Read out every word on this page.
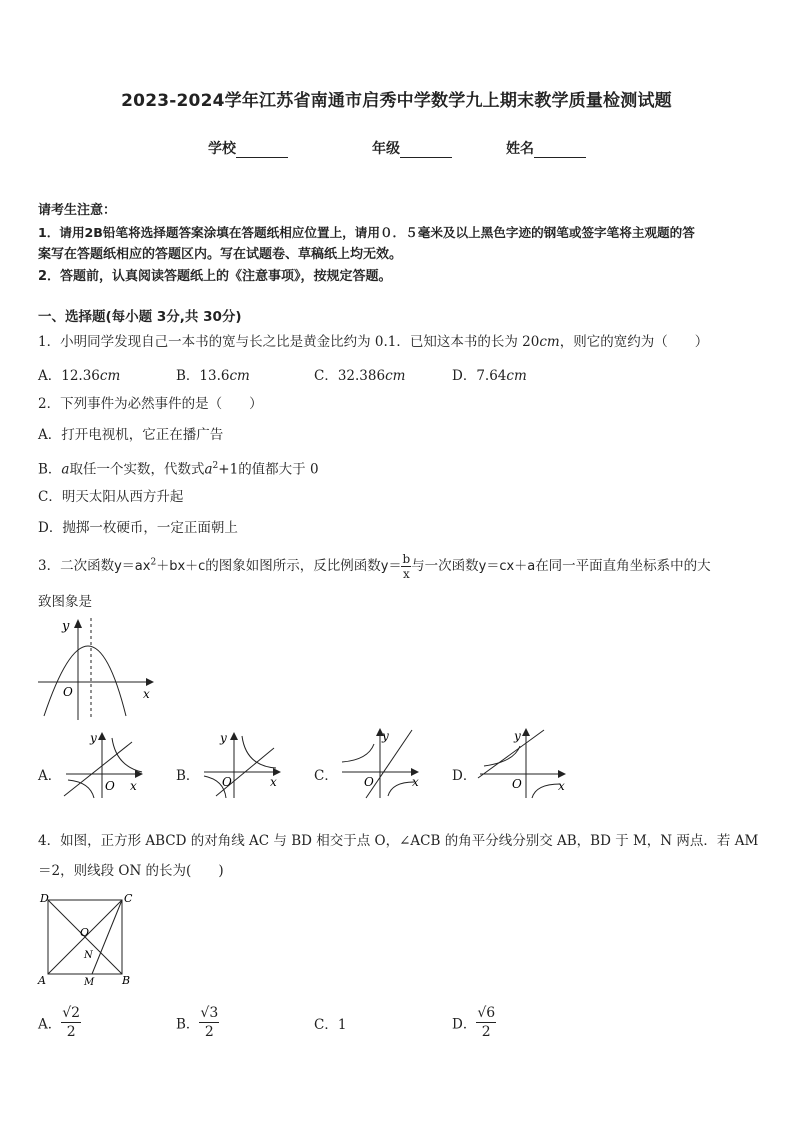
2023-2024学年江苏省南通市启秀中学数学九上期末教学质量检测试题
学校	年级	姓名
请考生注意：
1．请用2B铅笔将选择题答案涂填在答题纸相应位置上，请用０．５毫米及以上黑色字迹的钢笔或签字笔将主观题的答
案写在答题纸相应的答题区内。写在试题卷、草稿纸上均无效。
2．答题前，认真阅读答题纸上的《注意事项》，按规定答题。
一、选择题(每小题 3分,共 30分)
1．小明同学发现自己一本书的宽与长之比是黄金比约为 0.1．已知这本书的长为 20cm，则它的宽约为（　　）
A．12.36cm	B．13.6cm	C．32.386cm	D．7.64cm
2．下列事件为必然事件的是（　　）
A．打开电视机，它正在播广告
B．a取任一个实数，代数式$a^2+1$的值都大于 0
C．明天太阳从西方升起
D．抛掷一枚硬币，一定正面朝上
3．二次函数$y=ax^2+bx+c$的图象如图所示，反比例函数$y= \frac{b}{x}$ 与一次函数y＝cx＋a在同一平面直角坐标系中的大
致图象是
y
O	x
A．
y
O x
B．
y
O	x	C．
y
O	x D．
y
O	x
4．如图，正方形 ABCD 的对角线 AC 与 BD 相交于点 O，∠ACB 的角平分线分别交 AB，BD 于 M，N 两点．若 AM
＝2，则线段 ON 的长为(　　)
D	C
A	B
O
N
M
A． $\frac{√2}{2}$	B． $\frac{√3}{2}$	C．1	D． $\frac{√6}{2}$
